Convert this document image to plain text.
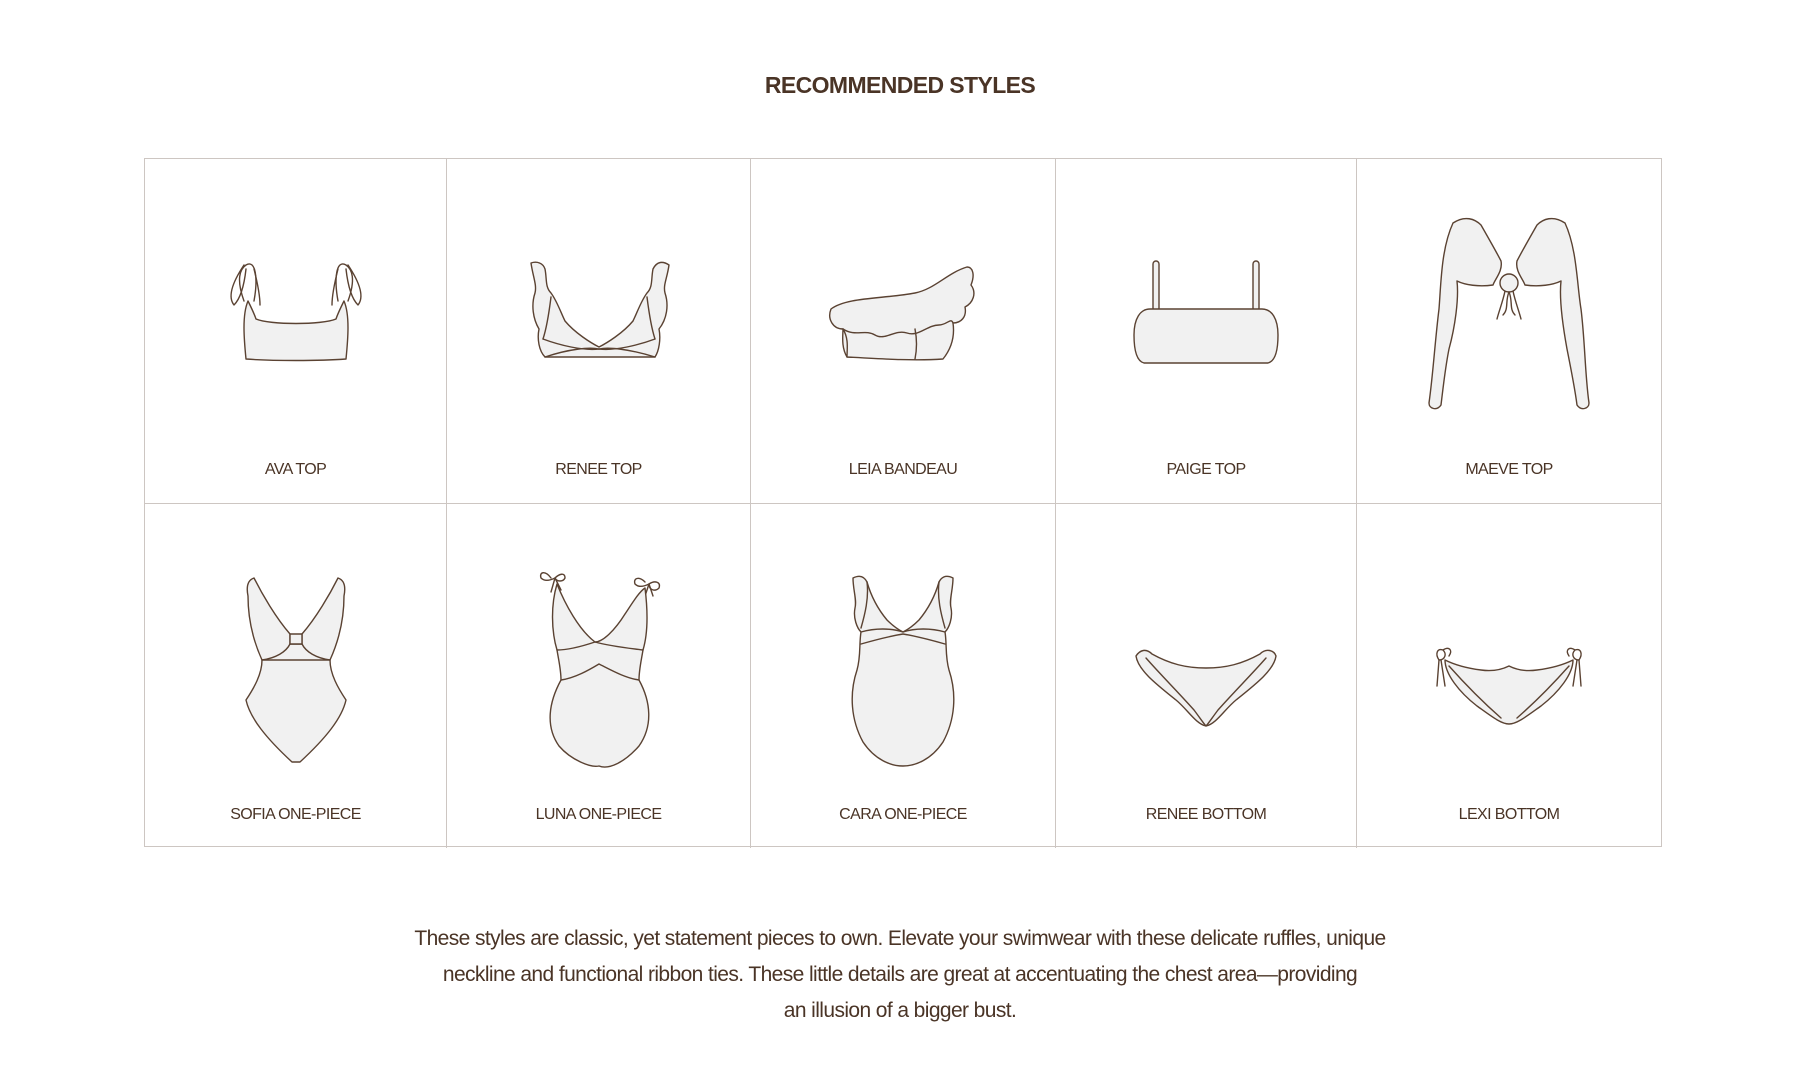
RECOMMENDED STYLES
AVA TOP	RENEE TOP	LEIA BANDEAU	PAIGE TOP	MAEVE TOP
SOFIA ONE-PIECE	LUNA ONE-PIECE	CARA ONE-PIECE	RENEE BOTTOM	LEXI BOTTOM
These styles are classic, yet statement pieces to own. Elevate your swimwear with these delicate ruffles, unique
neckline and functional ribbon ties. These little details are great at accentuating the chest area—providing
an illusion of a bigger bust.
